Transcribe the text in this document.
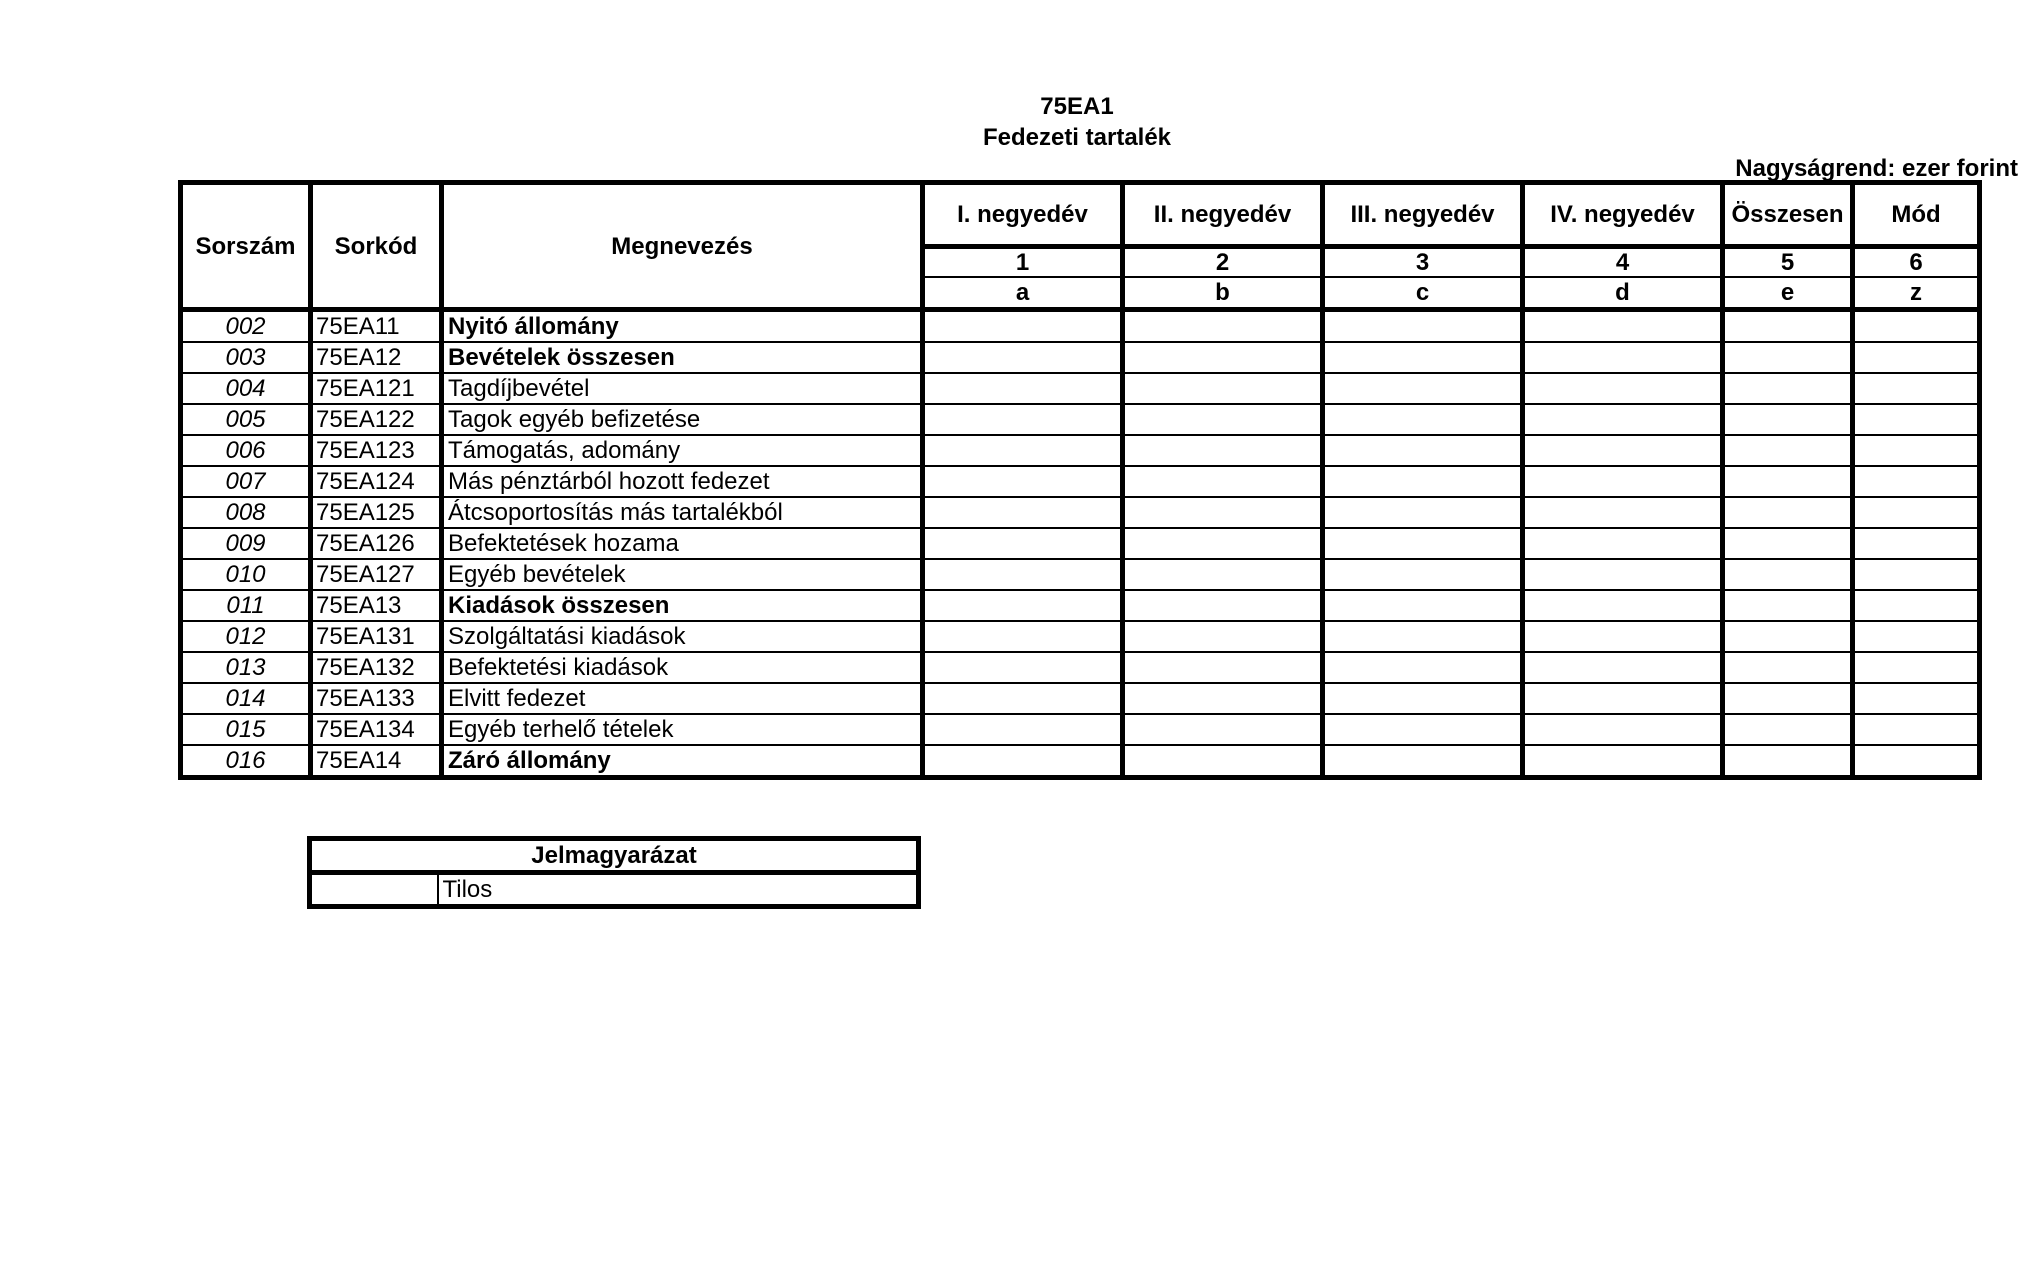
75EA1
Fedezeti tartalék
Nagyságrend: ezer forint
Sorszám	Sorkód	Megnevezés	I. negyedév	II. negyedév	III. negyedév	IV. negyedév	Összesen	Mód
			1	2	3	4	5	6
			a	b	c	d	e	z
002	75EA11	Nyitó állomány						
003	75EA12	Bevételek összesen						
004	75EA121	Tagdíjbevétel						
005	75EA122	Tagok egyéb befizetése						
006	75EA123	Támogatás, adomány						
007	75EA124	Más pénztárból hozott fedezet						
008	75EA125	Átcsoportosítás más tartalékból						
009	75EA126	Befektetések hozama						
010	75EA127	Egyéb bevételek						
011	75EA13	Kiadások összesen						
012	75EA131	Szolgáltatási kiadások						
013	75EA132	Befektetési kiadások						
014	75EA133	Elvitt fedezet						
015	75EA134	Egyéb terhelő tételek						
016	75EA14	Záró állomány						
Jelmagyarázat
	Tilos
